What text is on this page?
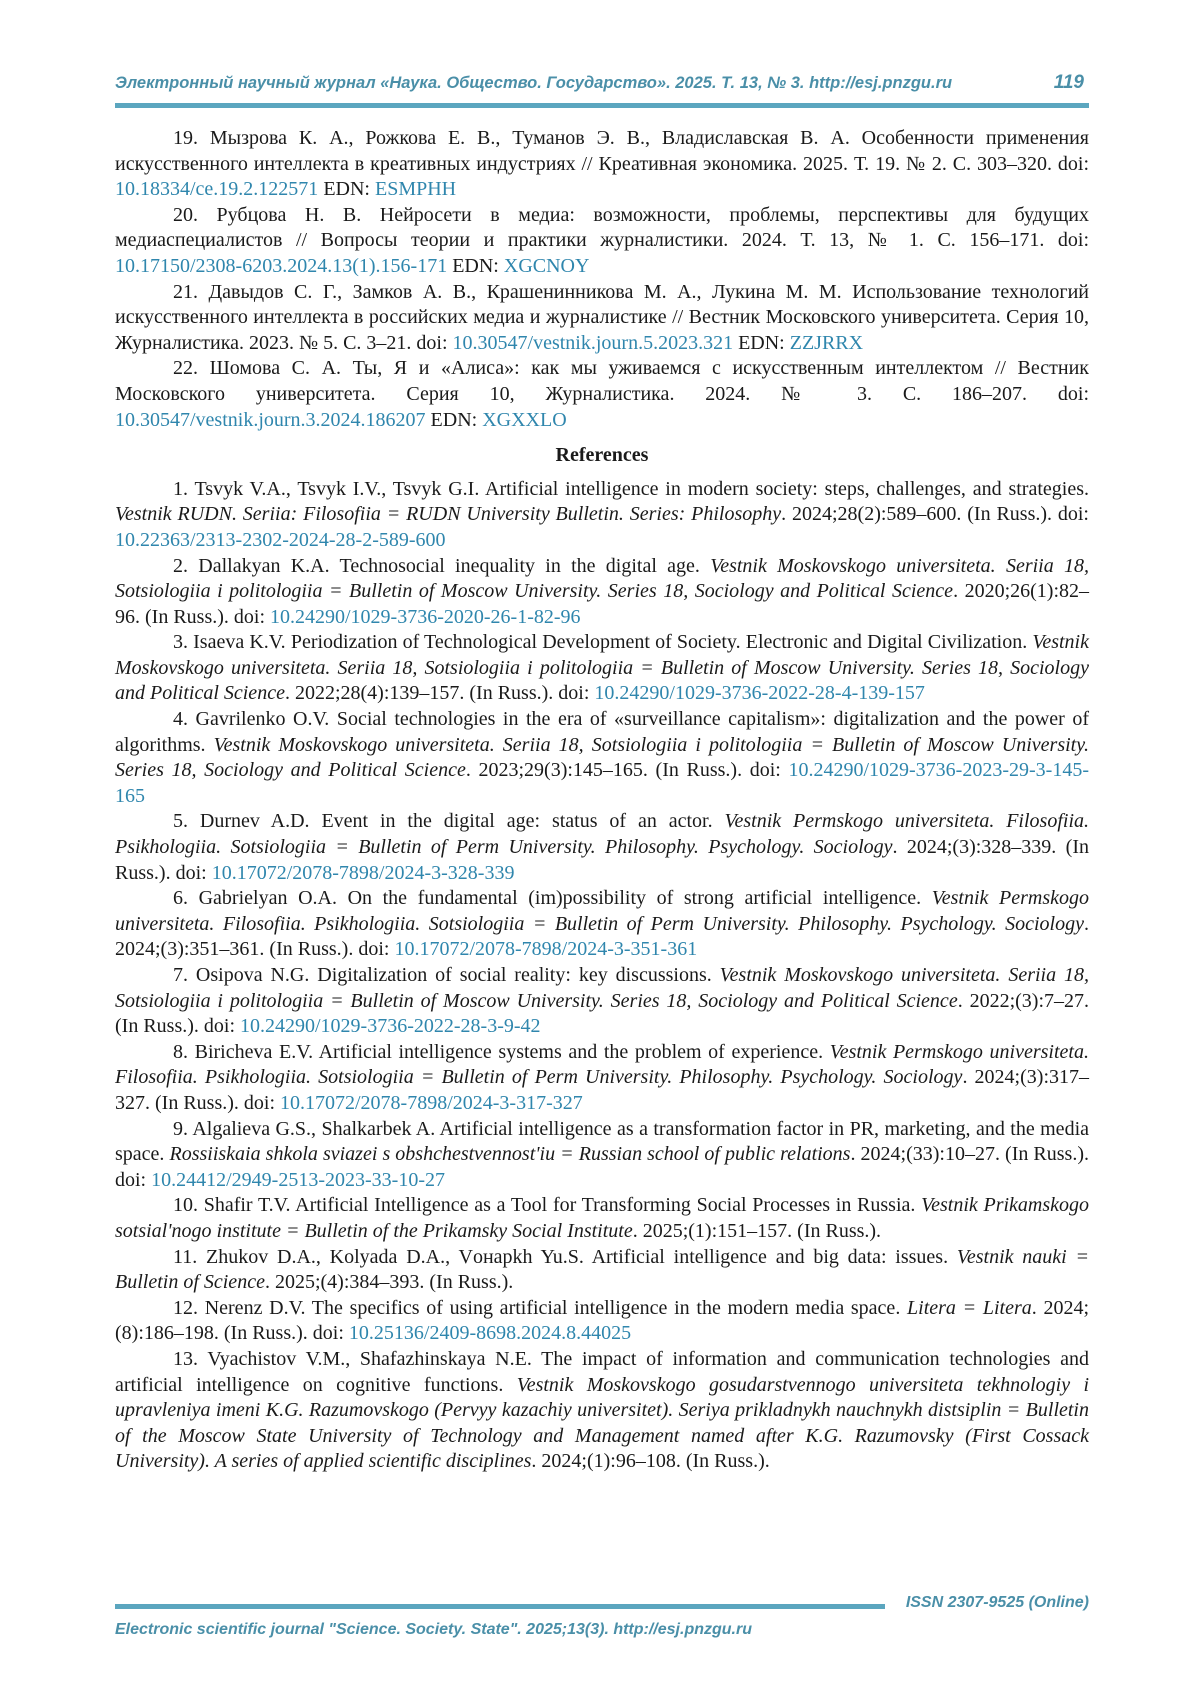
Электронный научный журнал «Наука. Общество. Государство». 2025. Т. 13, № 3. http://esj.pnzgu.ru	119

19. Мызрова К. А., Рожкова Е. В., Туманов Э. В., Владиславская В. А. Особенности применения искусственного интеллекта в креативных индустриях // Креативная экономика. 2025. Т. 19. № 2. С. 303–320. doi: 10.18334/ce.19.2.122571 EDN: ESMPHH

20. Рубцова Н. В. Нейросети в медиа: возможности, проблемы, перспективы для будущих медиаспециалистов // Вопросы теории и практики журналистики. 2024. Т. 13, № 1. С. 156–171. doi: 10.17150/2308-6203.2024.13(1).156-171 EDN: XGCNOY

21. Давыдов С. Г., Замков А. В., Крашенинникова М. А., Лукина М. М. Использование технологий искусственного интеллекта в российских медиа и журналистике // Вестник Московского университета. Серия 10, Журналистика. 2023. № 5. С. 3–21. doi: 10.30547/vestnik.journ.5.2023.321 EDN: ZZJRRX

22. Шомова С. А. Ты, Я и «Алиса»: как мы уживаемся с искусственным интеллектом // Вестник Московского университета. Серия 10, Журналистика. 2024. № 3. С. 186–207. doi: 10.30547/vestnik.journ.3.2024.186207 EDN: XGXXLO

References

1. Tsvyk V.A., Tsvyk I.V., Tsvyk G.I. Artificial intelligence in modern society: steps, challenges, and strategies. Vestnik RUDN. Seriia: Filosofiia = RUDN University Bulletin. Series: Philosophy. 2024;28(2):589–600. (In Russ.). doi: 10.22363/2313-2302-2024-28-2-589-600

2. Dallakyan K.A. Technosocial inequality in the digital age. Vestnik Moskovskogo universiteta. Seriia 18, Sotsiologiia i politologiia = Bulletin of Moscow University. Series 18, Sociology and Political Science. 2020;26(1):82–96. (In Russ.). doi: 10.24290/1029-3736-2020-26-1-82-96

3. Isaeva K.V. Periodization of Technological Development of Society. Electronic and Digital Civilization. Vestnik Moskovskogo universiteta. Seriia 18, Sotsiologiia i politologiia = Bulletin of Moscow University. Series 18, Sociology and Political Science. 2022;28(4):139–157. (In Russ.). doi: 10.24290/1029-3736-2022-28-4-139-157

4. Gavrilenko O.V. Social technologies in the era of «surveillance capitalism»: digitalization and the power of algorithms. Vestnik Moskovskogo universiteta. Seriia 18, Sotsiologiia i politologiia = Bulletin of Moscow University. Series 18, Sociology and Political Science. 2023;29(3):145–165. (In Russ.). doi: 10.24290/1029-3736-2023-29-3-145-165

5. Durnev A.D. Event in the digital age: status of an actor. Vestnik Permskogo universiteta. Filosofiia. Psikhologiia. Sotsiologiia = Bulletin of Perm University. Philosophy. Psychology. Sociology. 2024;(3):328–339. (In Russ.). doi: 10.17072/2078-7898/2024-3-328-339

6. Gabrielyan O.A. On the fundamental (im)possibility of strong artificial intelligence. Vestnik Permskogo universiteta. Filosofiia. Psikhologiia. Sotsiologiia = Bulletin of Perm University. Philosophy. Psychology. Sociology. 2024;(3):351–361. (In Russ.). doi: 10.17072/2078-7898/2024-3-351-361

7. Osipova N.G. Digitalization of social reality: key discussions. Vestnik Moskovskogo universiteta. Seriia 18, Sotsiologiia i politologiia = Bulletin of Moscow University. Series 18, Sociology and Political Science. 2022;(3):7–27. (In Russ.). doi: 10.24290/1029-3736-2022-28-3-9-42

8. Biricheva E.V. Artificial intelligence systems and the problem of experience. Vestnik Permskogo universiteta. Filosofiia. Psikhologiia. Sotsiologiia = Bulletin of Perm University. Philosophy. Psychology. Sociology. 2024;(3):317–327. (In Russ.). doi: 10.17072/2078-7898/2024-3-317-327

9. Algalieva G.S., Shalkarbek A. Artificial intelligence as a transformation factor in PR, marketing, and the media space. Rossiiskaia shkola sviazei s obshchestvennost'iu = Russian school of public relations. 2024;(33):10–27. (In Russ.). doi: 10.24412/2949-2513-2023-33-10-27

10. Shafir T.V. Artificial Intelligence as a Tool for Transforming Social Processes in Russia. Vestnik Prikamskogo sotsial'nogo institute = Bulletin of the Prikamsky Social Institute. 2025;(1):151–157. (In Russ.).

11. Zhukov D.A., Kolyada D.A., Vонapkh Yu.S. Artificial intelligence and big data: issues. Vestnik nauki = Bulletin of Science. 2025;(4):384–393. (In Russ.).

12. Nerenz D.V. The specifics of using artificial intelligence in the modern media space. Litera = Litera. 2024;(8):186–198. (In Russ.). doi: 10.25136/2409-8698.2024.8.44025

13. Vyachistov V.M., Shafazhinskaya N.E. The impact of information and communication technologies and artificial intelligence on cognitive functions. Vestnik Moskovskogo gosudarstvennogo universiteta tekhnologiy i upravleniya imeni K.G. Razumovskogo (Pervyy kazachiy universitet). Seriya prikladnykh nauchnykh distsiplin = Bulletin of the Moscow State University of Technology and Management named after K.G. Razumovsky (First Cossack University). A series of applied scientific disciplines. 2024;(1):96–108. (In Russ.).

ISSN 2307-9525 (Online)
Electronic scientific journal "Science. Society. State". 2025;13(3). http://esj.pnzgu.ru
